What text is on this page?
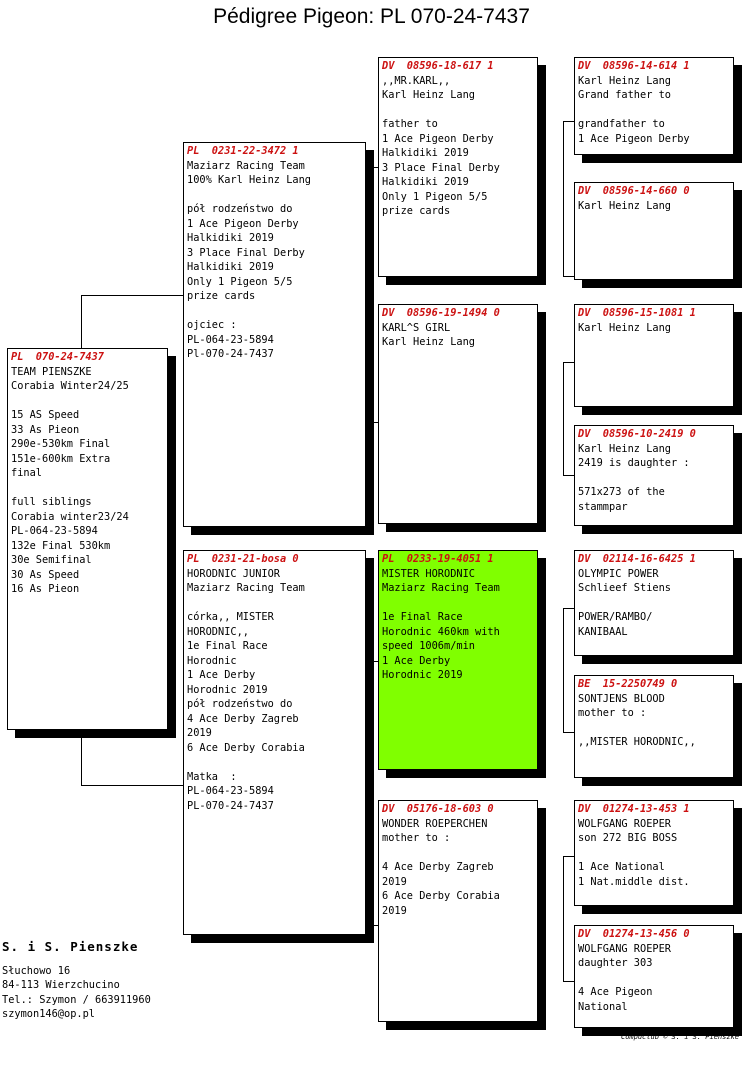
Pédigree Pigeon: PL 070-24-7437
PL  070-24-7437
TEAM PIENSZKE
Corabia Winter24/25

15 AS Speed
33 As Pieon
290e-530km Final
151e-600km Extra
final

full siblings
Corabia winter23/24
PL-064-23-5894
132e Final 530km
30e Semifinal
30 As Speed
16 As Pieon
PL  0231-22-3472 1
Maziarz Racing Team
100% Karl Heinz Lang

pół rodzeństwo do
1 Ace Pigeon Derby
Halkidiki 2019
3 Place Final Derby
Halkidiki 2019
Only 1 Pigeon 5/5
prize cards

ojciec :
PL-064-23-5894
Pl-070-24-7437
PL  0231-21-bosa 0
HORODNIC JUNIOR
Maziarz Racing Team

córka,, MISTER
HORODNIC,,
1e Final Race
Horodnic
1 Ace Derby
Horodnic 2019
pół rodzeństwo do
4 Ace Derby Zagreb
2019
6 Ace Derby Corabia

Matka  :
PL-064-23-5894
PL-070-24-7437
DV  08596-18-617 1
,,MR.KARL,,
Karl Heinz Lang

father to
1 Ace Pigeon Derby
Halkidiki 2019
3 Place Final Derby
Halkidiki 2019
Only 1 Pigeon 5/5
prize cards
DV  08596-19-1494 0
KARL^S GIRL
Karl Heinz Lang
PL  0233-19-4051 1
MISTER HORODNIC
Maziarz Racing Team

1e Final Race
Horodnic 460km with
speed 1006m/min
1 Ace Derby
Horodnic 2019
DV  05176-18-603 0
WONDER ROEPERCHEN
mother to :

4 Ace Derby Zagreb
2019
6 Ace Derby Corabia
2019
DV  08596-14-614 1
Karl Heinz Lang
Grand father to

grandfather to
1 Ace Pigeon Derby
DV  08596-14-660 0
Karl Heinz Lang
DV  08596-15-1081 1
Karl Heinz Lang
DV  08596-10-2419 0
Karl Heinz Lang
2419 is daughter :

571x273 of the
stammpar
DV  02114-16-6425 1
OLYMPIC POWER
Schlieef Stiens

POWER/RAMBO/
KANIBAAL
BE  15-2250749 0
SONTJENS BLOOD
mother to :

,,MISTER HORODNIC,,
DV  01274-13-453 1
WOLFGANG ROEPER
son 272 BIG BOSS

1 Ace National
1 Nat.middle dist.
DV  01274-13-456 0
WOLFGANG ROEPER
daughter 303

4 Ace Pigeon
National
S. i S. Pienszke
Słuchowo 16
84-113 Wierzchucino
Tel.: Szymon / 663911960
szymon146@op.pl
Compuclub © S. i S. Pienszke
